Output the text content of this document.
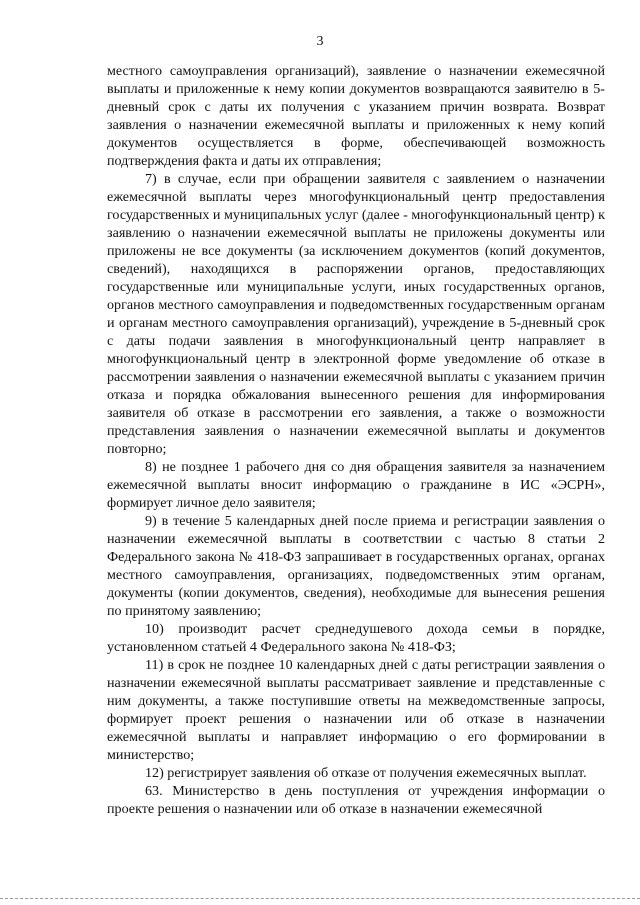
3

местного самоуправления организаций), заявление о назначении ежемесячной выплаты и приложенные к нему копии документов возвращаются заявителю в 5-дневный срок с даты их получения с указанием причин возврата. Возврат заявления о назначении ежемесячной выплаты и приложенных к нему копий документов осуществляется в форме, обеспечивающей возможность подтверждения факта и даты их отправления;

7) в случае, если при обращении заявителя с заявлением о назначении ежемесячной выплаты через многофункциональный центр предоставления государственных и муниципальных услуг (далее - многофункциональный центр) к заявлению о назначении ежемесячной выплаты не приложены документы или приложены не все документы (за исключением документов (копий документов, сведений), находящихся в распоряжении органов, предоставляющих государственные или муниципальные услуги, иных государственных органов, органов местного самоуправления и подведомственных государственным органам и органам местного самоуправления организаций), учреждение в 5-дневный срок с даты подачи заявления в многофункциональный центр направляет в многофункциональный центр в электронной форме уведомление об отказе в рассмотрении заявления о назначении ежемесячной выплаты с указанием причин отказа и порядка обжалования вынесенного решения для информирования заявителя об отказе в рассмотрении его заявления, а также о возможности представления заявления о назначении ежемесячной выплаты и документов повторно;

8) не позднее 1 рабочего дня со дня обращения заявителя за назначением ежемесячной выплаты вносит информацию о гражданине в ИС «ЭСРН», формирует личное дело заявителя;

9) в течение 5 календарных дней после приема и регистрации заявления о назначении ежемесячной выплаты в соответствии с частью 8 статьи 2 Федерального закона № 418-ФЗ запрашивает в государственных органах, органах местного самоуправления, организациях, подведомственных этим органам, документы (копии документов, сведения), необходимые для вынесения решения по принятому заявлению;

10) производит расчет среднедушевого дохода семьи в порядке, установленном статьей 4 Федерального закона № 418-ФЗ;

11) в срок не позднее 10 календарных дней с даты регистрации заявления о назначении ежемесячной выплаты рассматривает заявление и представленные с ним документы, а также поступившие ответы на межведомственные запросы, формирует проект решения о назначении или об отказе в назначении ежемесячной выплаты и направляет информацию о его формировании в министерство;

12) регистрирует заявления об отказе от получения ежемесячных выплат.

63. Министерство в день поступления от учреждения информации о проекте решения о назначении или об отказе в назначении ежемесячной
